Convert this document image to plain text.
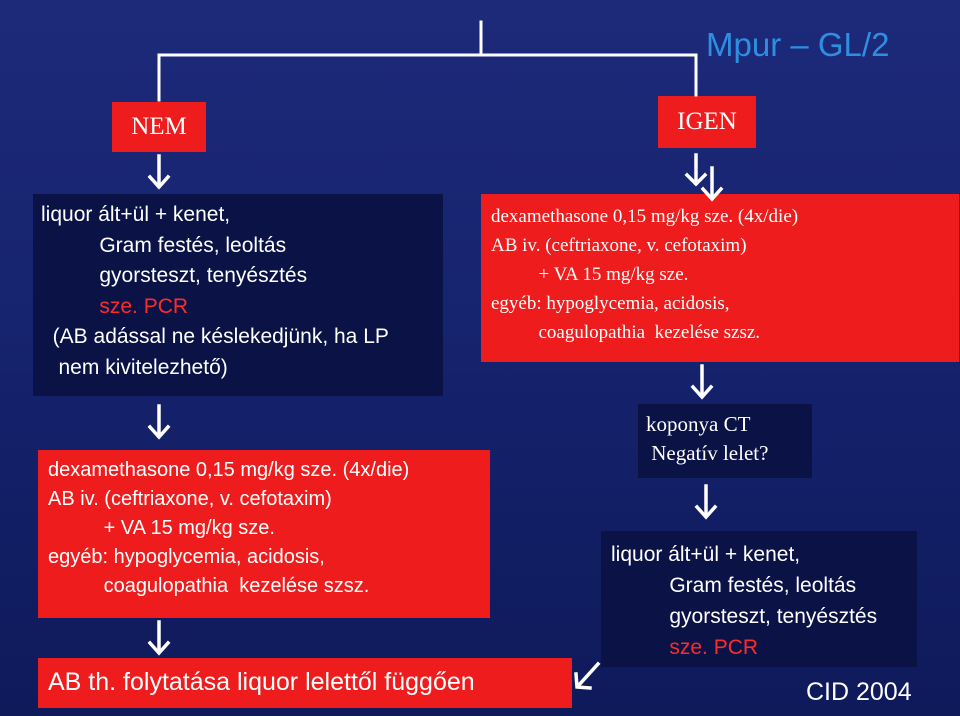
Mpur – GL/2
NEM	IGEN
liquor ált+ül + kenet,
Gram festés, leoltás
gyorsteszt, tenyésztés
sze. PCR
(AB adással ne késlekedjünk, ha LP
nem kivitelezhető)
dexamethasone 0,15 mg/kg sze. (4x/die)
AB iv. (ceftriaxone, v. cefotaxim)
+ VA 15 mg/kg sze.
egyéb: hypoglycemia, acidosis,
coagulopathia  kezelése szsz.
AB th. folytatása liquor lelettől függően
dexamethasone 0,15 mg/kg sze. (4x/die)
AB iv. (ceftriaxone, v. cefotaxim)
+ VA 15 mg/kg sze.
egyéb: hypoglycemia, acidosis,
coagulopathia  kezelése szsz.
koponya CT
Negatív lelet?
liquor ált+ül + kenet,
Gram festés, leoltás
gyorsteszt, tenyésztés
sze. PCR
CID 2004
